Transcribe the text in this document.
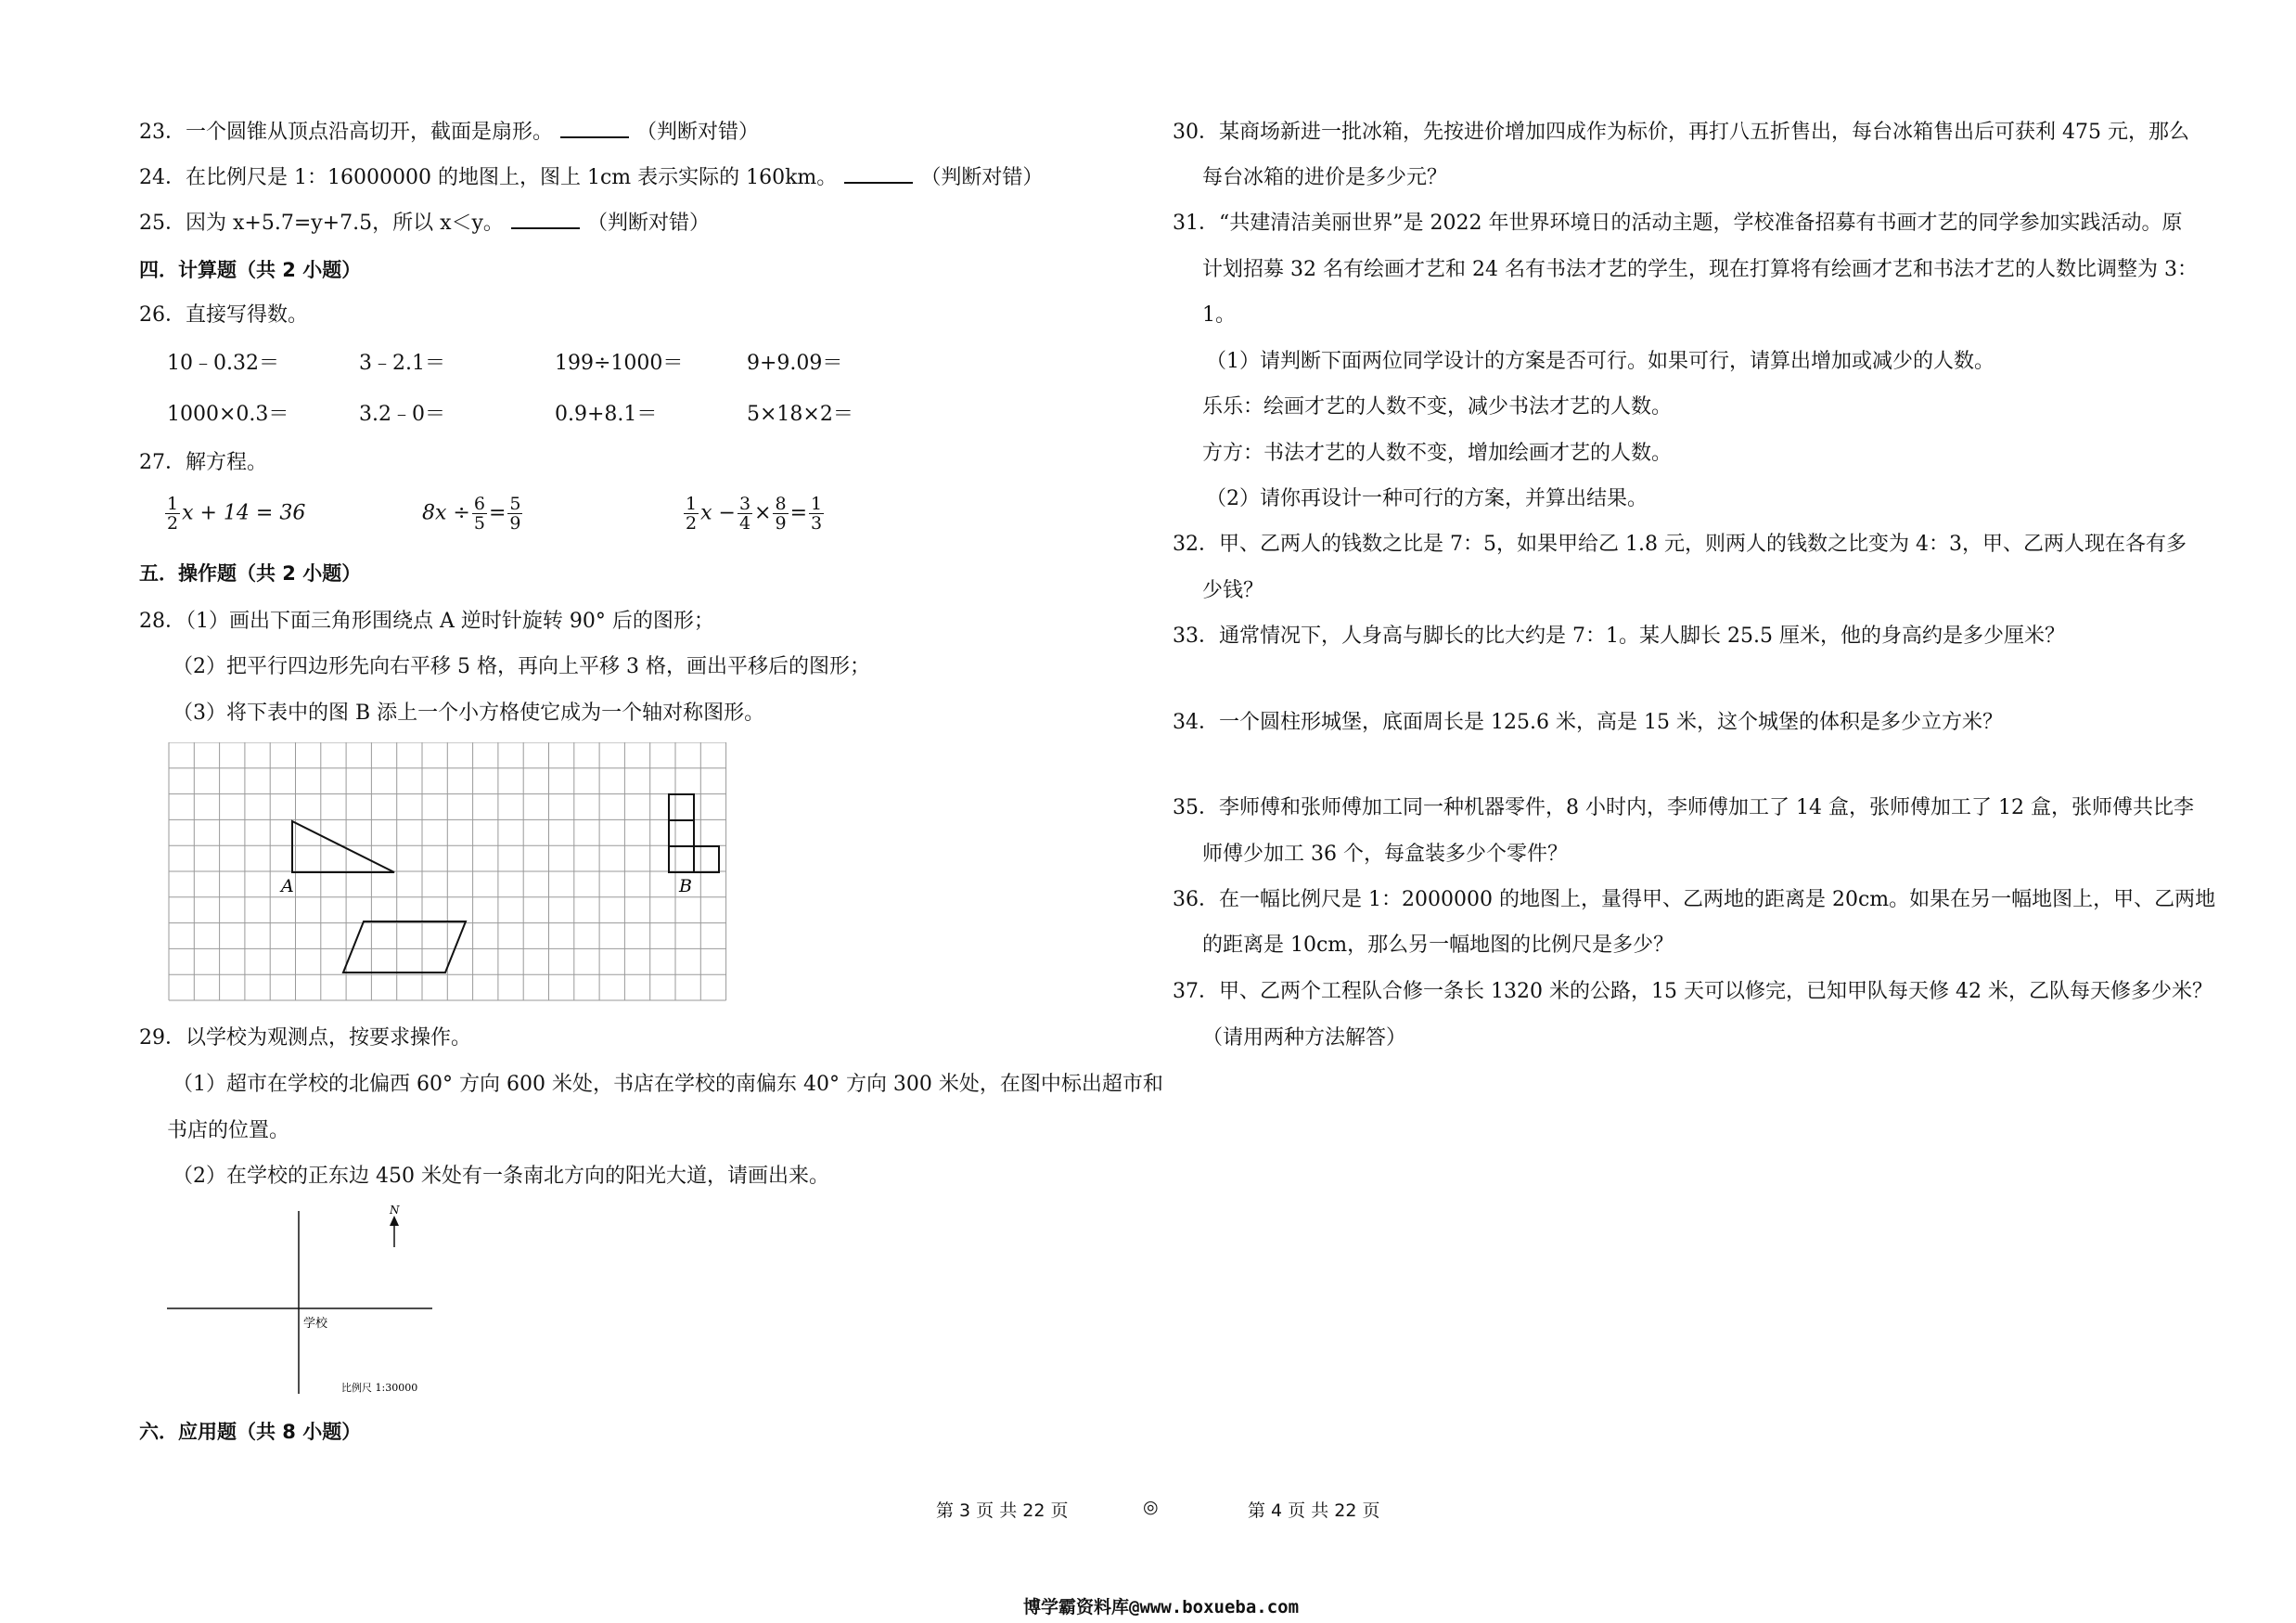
23．一个圆锥从顶点沿高切开，截面是扇形。	（判断对错）
24．在比例尺是 1：16000000 的地图上，图上 1cm 表示实际的 160km。	（判断对错）
25．因为 x+5.7=y+7.5，所以 x＜y。	（判断对错）
四．计算题（共 2 小题）
26．直接写得数。
10﹣0.32＝	3﹣2.1＝	199÷1000＝	9+9.09＝
1000×0.3＝	3.2﹣0＝	0.9+8.1＝	5×18×2＝
27．解方程。
$\frac{1}{2}$ x + 14 = 36	$8x \div \frac{6}{5} = \frac{5}{9}$	$\frac{1}{2}$ $x - \frac{3}{4} \times \frac{8}{9} = \frac{1}{3}$
五．操作题（共 2 小题）
28．（1）画出下面三角形围绕点 A 逆时针旋转 90° 后的图形；
（2）把平行四边形先向右平移 5 格，再向上平移 3 格，画出平移后的图形；
（3）将下表中的图 B 添上一个小方格使它成为一个轴对称图形。
A	B
29．以学校为观测点，按要求操作。
（1）超市在学校的北偏西 60° 方向 600 米处，书店在学校的南偏东 40° 方向 300 米处，在图中标出超市和
书店的位置。
（2）在学校的正东边 450 米处有一条南北方向的阳光大道，请画出来。
N
学校
比例尺 1:30000
六．应用题（共 8 小题）
30．某商场新进一批冰箱，先按进价增加四成作为标价，再打八五折售出，每台冰箱售出后可获利 475 元，那么
每台冰箱的进价是多少元？
31．“共建清洁美丽世界”是 2022 年世界环境日的活动主题，学校准备招募有书画才艺的同学参加实践活动。原
计划招募 32 名有绘画才艺和 24 名有书法才艺的学生，现在打算将有绘画才艺和书法才艺的人数比调整为 3：
1。
（1）请判断下面两位同学设计的方案是否可行。如果可行，请算出增加或减少的人数。
乐乐：绘画才艺的人数不变，减少书法才艺的人数。
方方：书法才艺的人数不变，增加绘画才艺的人数。
（2）请你再设计一种可行的方案，并算出结果。
32．甲、乙两人的钱数之比是 7：5，如果甲给乙 1.8 元，则两人的钱数之比变为 4：3，甲、乙两人现在各有多
少钱？
33．通常情况下，人身高与脚长的比大约是 7：1。某人脚长 25.5 厘米，他的身高约是多少厘米？
34．一个圆柱形城堡，底面周长是 125.6 米，高是 15 米，这个城堡的体积是多少立方米？
35．李师傅和张师傅加工同一种机器零件，8 小时内，李师傅加工了 14 盒，张师傅加工了 12 盒，张师傅共比李
师傅少加工 36 个，每盒装多少个零件？
36．在一幅比例尺是 1：2000000 的地图上，量得甲、乙两地的距离是 20cm。如果在另一幅地图上，甲、乙两地
的距离是 10cm，那么另一幅地图的比例尺是多少？
37．甲、乙两个工程队合修一条长 1320 米的公路，15 天可以修完，已知甲队每天修 42 米，乙队每天修多少米？
（请用两种方法解答）
第 3 页 共 22 页	◎	第 4 页 共 22 页
博学霸资料库@www.boxueba.com
